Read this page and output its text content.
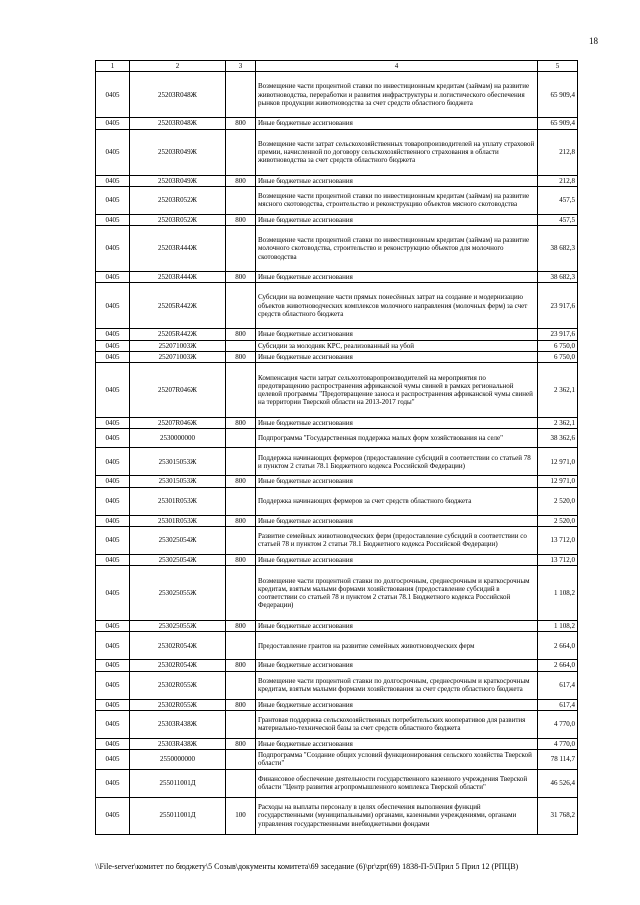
18
1	2	3	4	5
0405	25203R048Ж		Возмещение части процентной ставки по инвестиционным кредитам (займам) на развитие животноводства, переработки и развития инфраструктуры и логистического обеспечения рынков продукции животноводства за счет средств областного бюджета	65 909,4
0405	25203R048Ж	800	Иные бюджетные ассигнования	65 909,4
0405	25203R049Ж		Возмещение части затрат сельскохозяйственных товаропроизводителей на уплату страховой премии, начисленной по договору сельскохозяйственного страхования в области животноводства за счет средств областного бюджета	212,8
0405	25203R049Ж	800	Иные бюджетные ассигнования	212,8
0405	25203R052Ж		Возмещение части процентной ставки по инвестиционным кредитам (займам) на развитие мясного скотоводства, строительство и реконструкцию объектов мясного скотоводства	457,5
0405	25203R052Ж	800	Иные бюджетные ассигнования	457,5
0405	25203R444Ж		Возмещение части процентной ставки по инвестиционным кредитам (займам) на развитие молочного скотоводства, строительство и реконструкцию объектов для молочного скотоводства	38 682,3
0405	25203R444Ж	800	Иные бюджетные ассигнования	38 682,3
0405	25205R442Ж		Субсидии на возмещение части прямых понесённых затрат на создание и модернизацию объектов животноводческих комплексов молочного направления (молочных ферм) за счет средств областного бюджета	23 917,6
0405	25205R442Ж	800	Иные бюджетные ассигнования	23 917,6
0405	252071003Ж		Субсидии за молодняк КРС, реализованный на убой	6 750,0
0405	252071003Ж	800	Иные бюджетные ассигнования	6 750,0
0405	25207R046Ж		Компенсация части затрат сельхозтоваропроизводителей на мероприятия по предотвращению распространения африканской чумы свиней в рамках региональной целевой программы "Предотвращение заноса и распространения африканской чумы свиней на территории Тверской области на 2013-2017 годы"	2 362,1
0405	25207R046Ж	800	Иные бюджетные ассигнования	2 362,1
0405	2530000000		Подпрограмма "Государственная поддержка малых форм хозяйствования на селе"	38 362,6
0405	253015053Ж		Поддержка начинающих фермеров (предоставление субсидий в соответствии со статьей 78 и пунктом 2 статьи 78.1 Бюджетного кодекса Российской Федерации)	12 971,0
0405	253015053Ж	800	Иные бюджетные ассигнования	12 971,0
0405	25301R053Ж		Поддержка начинающих фермеров за счет средств областного бюджета	2 520,0
0405	25301R053Ж	800	Иные бюджетные ассигнования	2 520,0
0405	253025054Ж		Развитие семейных животноводческих ферм (предоставление субсидий в соответствии со статьей 78 и пунктом 2 статьи 78.1 Бюджетного кодекса Российской Федерации)	13 712,0
0405	253025054Ж	800	Иные бюджетные ассигнования	13 712,0
0405	253025055Ж		Возмещение части процентной ставки по долгосрочным, среднесрочным и краткосрочным кредитам, взятым малыми формами хозяйствования (предоставление субсидий в соответствии со статьей 78 и пунктом 2 статьи 78.1 Бюджетного кодекса Российской Федерации)	1 108,2
0405	253025055Ж	800	Иные бюджетные ассигнования	1 108,2
0405	25302R054Ж		Предоставление грантов на развитие семейных животноводческих ферм	2 664,0
0405	25302R054Ж	800	Иные бюджетные ассигнования	2 664,0
0405	25302R055Ж		Возмещение части процентной ставки по долгосрочным, среднесрочным и краткосрочным кредитам, взятым малыми формами хозяйствования за счет средств областного бюджета	617,4
0405	25302R055Ж	800	Иные бюджетные ассигнования	617,4
0405	25303R438Ж		Грантовая поддержка сельскохозяйственных потребительских кооперативов для развития материально-технической базы за счет средств областного бюджета	4 770,0
0405	25303R438Ж	800	Иные бюджетные ассигнования	4 770,0
0405	2550000000		Подпрограмма "Создание общих условий функционирования сельского хозяйства Тверской области"	78 114,7
0405	255011001Д		Финансовое обеспечение деятельности государственного казенного учреждения Тверской области "Центр развития агропромышленного комплекса Тверской области"	46 526,4
0405	255011001Д	100	Расходы на выплаты персоналу в целях обеспечения выполнения функций государственными (муниципальными) органами, казенными учреждениями, органами управления государственными внебюджетными фондами	31 768,2
\\File-server\комитет по бюджету\5 Созыв\документы комитета\69 заседание (6)\pr\zpr(69) 1838-П-5\Прил 5 Прил 12 (РПЦВ)
